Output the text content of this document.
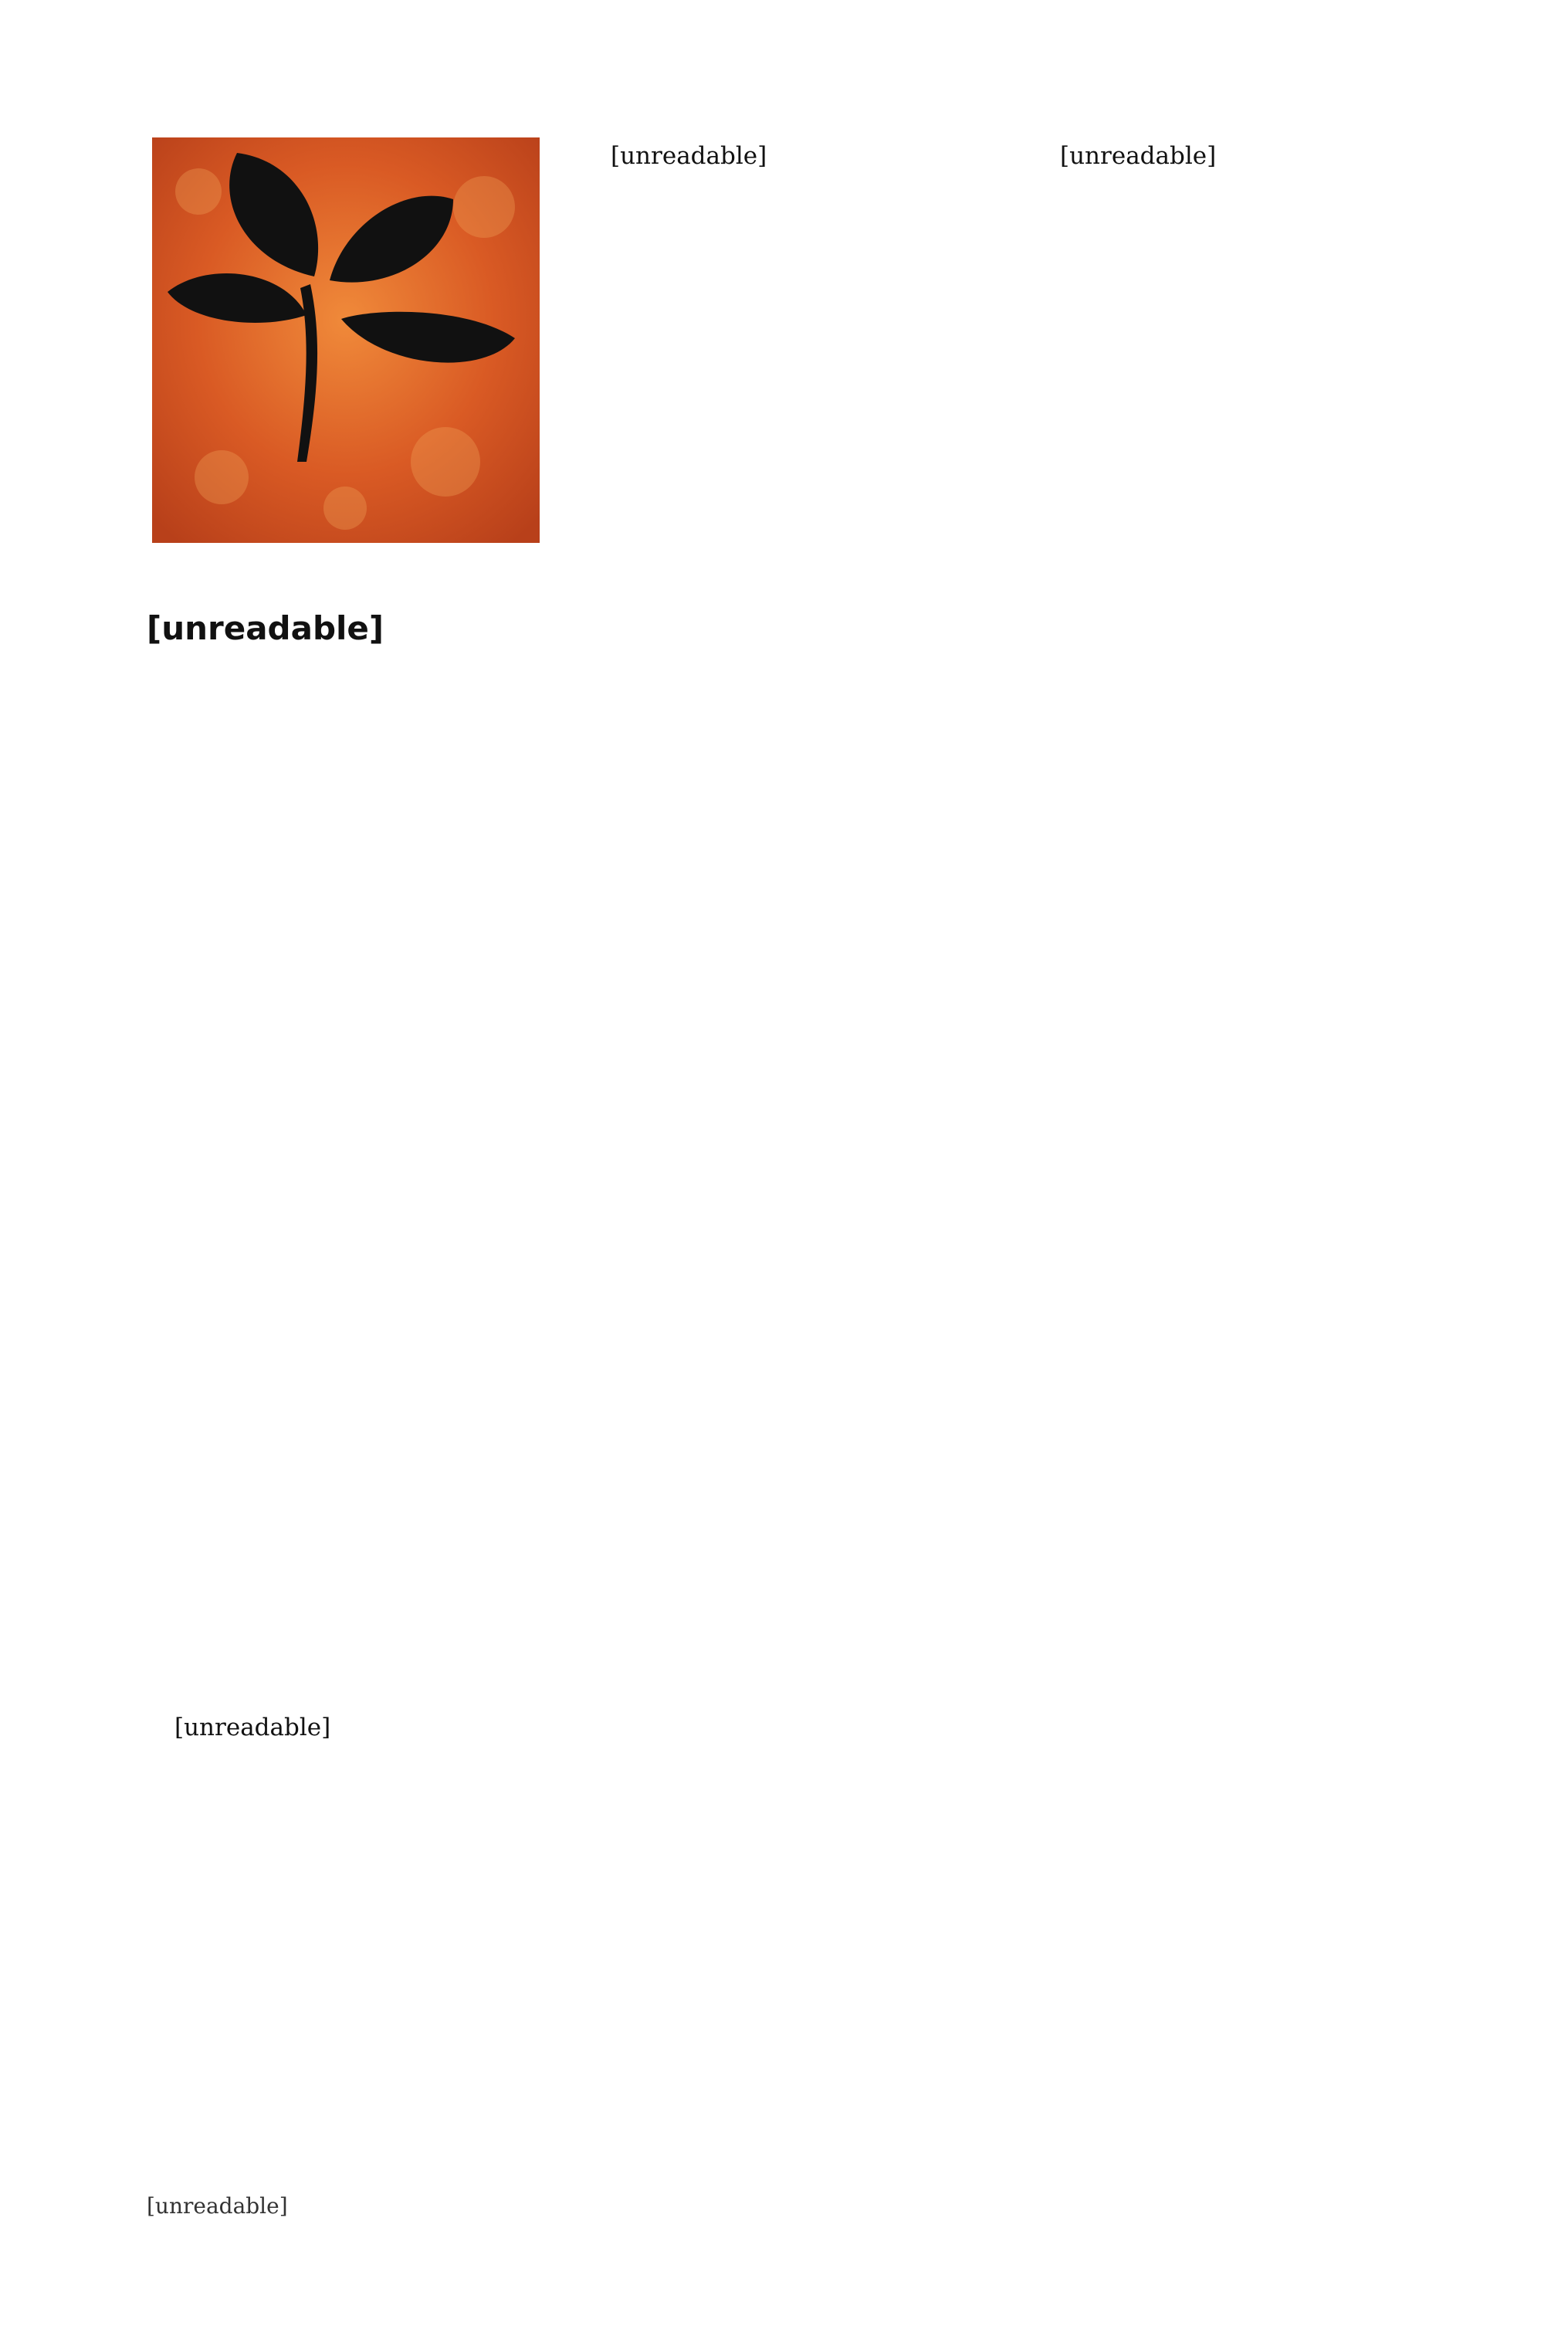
[unreadable]

[unreadable]

[unreadable]	[unreadable]

[unreadable]
